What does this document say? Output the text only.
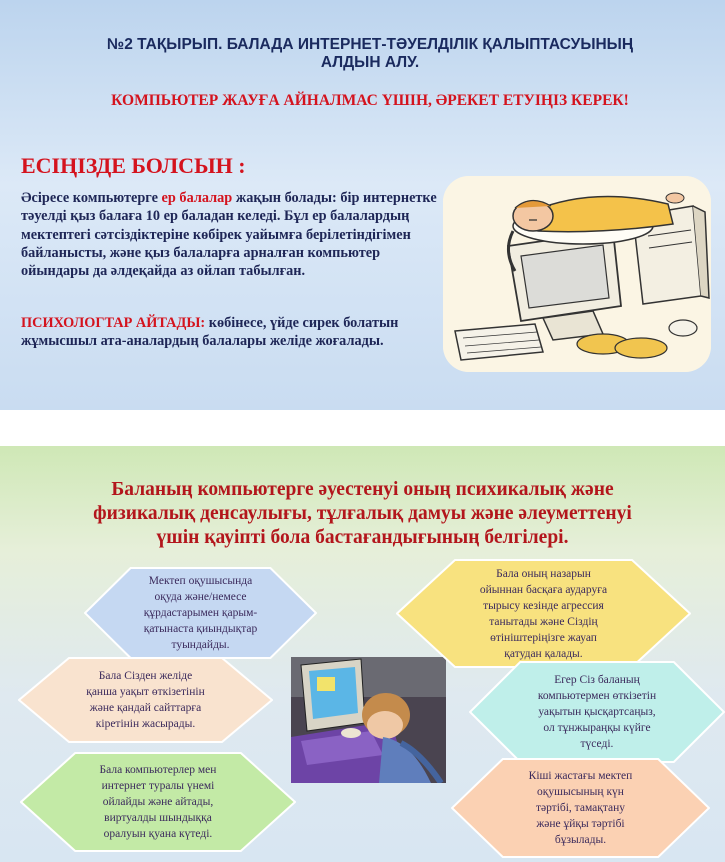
№2 ТАҚЫРЫП. БАЛАДА ИНТЕРНЕТ-ТӘУЕЛДІЛІК ҚАЛЫПТАСУЫНЫҢ
АЛДЫН АЛУ.
КОМПЬЮТЕР ЖАУҒА АЙНАЛМАС ҮШІН, ӘРЕКЕТ ЕТУІҢІЗ КЕРЕК!
ЕСІҢІЗДЕ БОЛСЫН :
Әсіресе компьютерге ер балалар жақын болады: бір интернетке тәуелді қыз балаға 10 ер баладан келеді. Бұл ер балалардың мектептегі сәтсіздіктеріне көбірек уайымға берілетіндігімен байланысты, және қыз балаларға арналған компьютер ойындары да әлдеқайда аз ойлап табылған.
ПСИХОЛОГТАР АЙТАДЫ: көбінесе, үйде сирек болатын жұмысшыл ата-аналардың балалары желіде жоғалады.
Баланың компьютерге әуестенуі оның психикалық және
физикалық денсаулығы, тұлғалық дамуы және әлеуметтенуі
үшін қауіпті бола бастағандығының белгілері.
Мектеп оқушысында
оқуда және/немесе
құрдастарымен қарым-
қатынаста қиындықтар
туындайды.
Бала оның назарын
ойыннан басқаға аударуға
тырысу кезінде агрессия
танытады және Сіздің
өтініштеріңізге жауап
қатудан қалады.
Бала Сізден желіде
қанша уақыт өткізетінін
және қандай сайттарға
кіретінін жасырады.
Егер Сіз баланың
компьютермен өткізетін
уақытын қысқартсаңыз,
ол тұнжыраңқы күйге
түседі.
Бала компьютерлер мен
интернет туралы үнемі
ойлайды және айтады,
виртуалды шындыққа
оралуын қуана күтеді.
Кіші жастағы мектеп
оқушысының күн
тәртібі, тамақтану
және ұйқы тәртібі
бұзылады.
